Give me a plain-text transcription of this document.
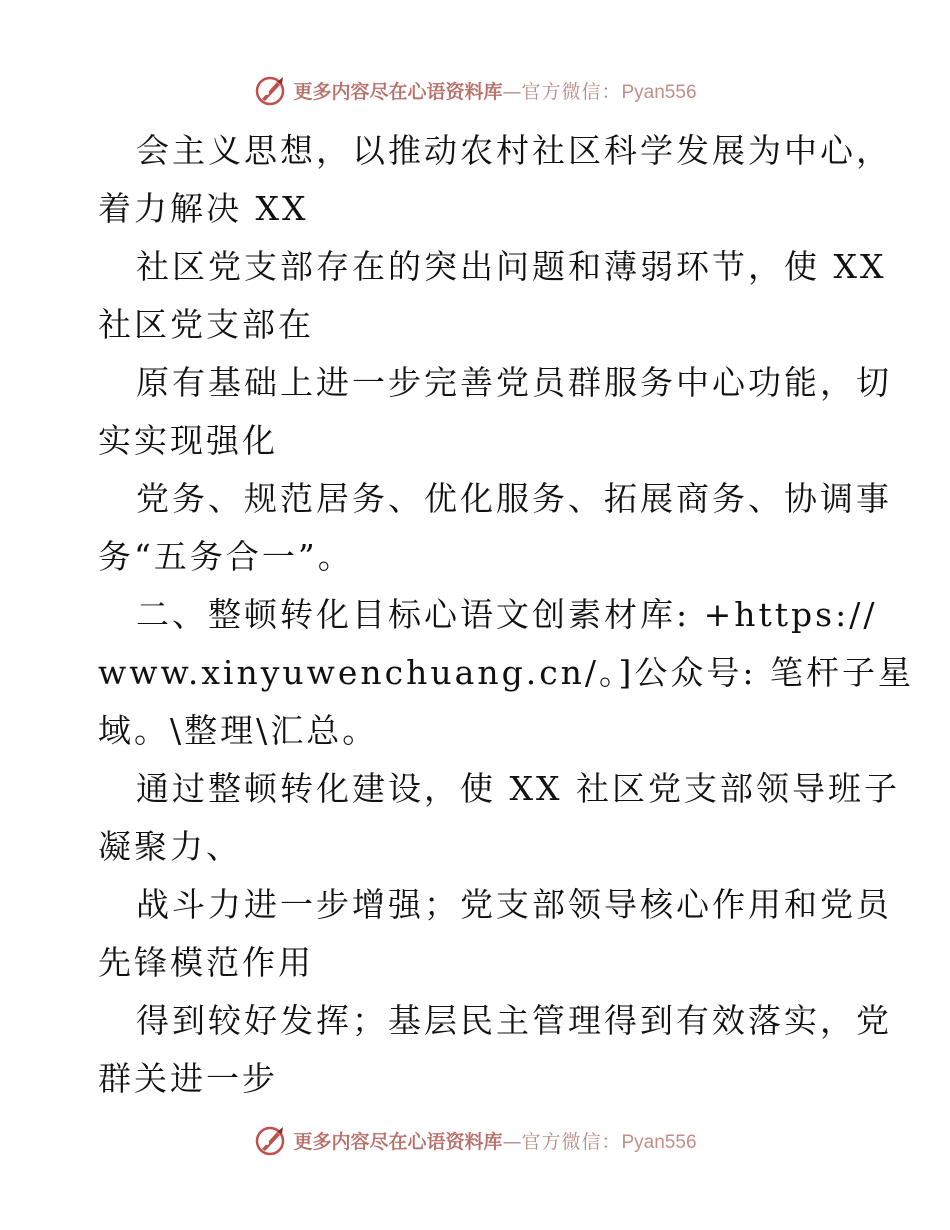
更多内容尽在心语资料库 — 官方微信： Pyan556
会主义思想，以推动农村社区科学发展为中心，
着力解决 XX
社区党支部存在的突出问题和薄弱环节，使 XX
社区党支部在
原有基础上进一步完善党员群服务中心功能，切
实实现强化
党务、规范居务、优化服务、拓展商务、协调事
务“五务合一”。
二、整顿转化目标心语文创素材库: +https://
www.xinyuwenchuang.cn/。]公众号: 笔杆子星
域。\整理\汇总。
通过整顿转化建设，使 XX 社区党支部领导班子
凝聚力、
战斗力进一步增强；党支部领导核心作用和党员
先锋模范作用
得到较好发挥；基层民主管理得到有效落实，党
群关进一步
更多内容尽在心语资料库 — 官方微信： Pyan556
